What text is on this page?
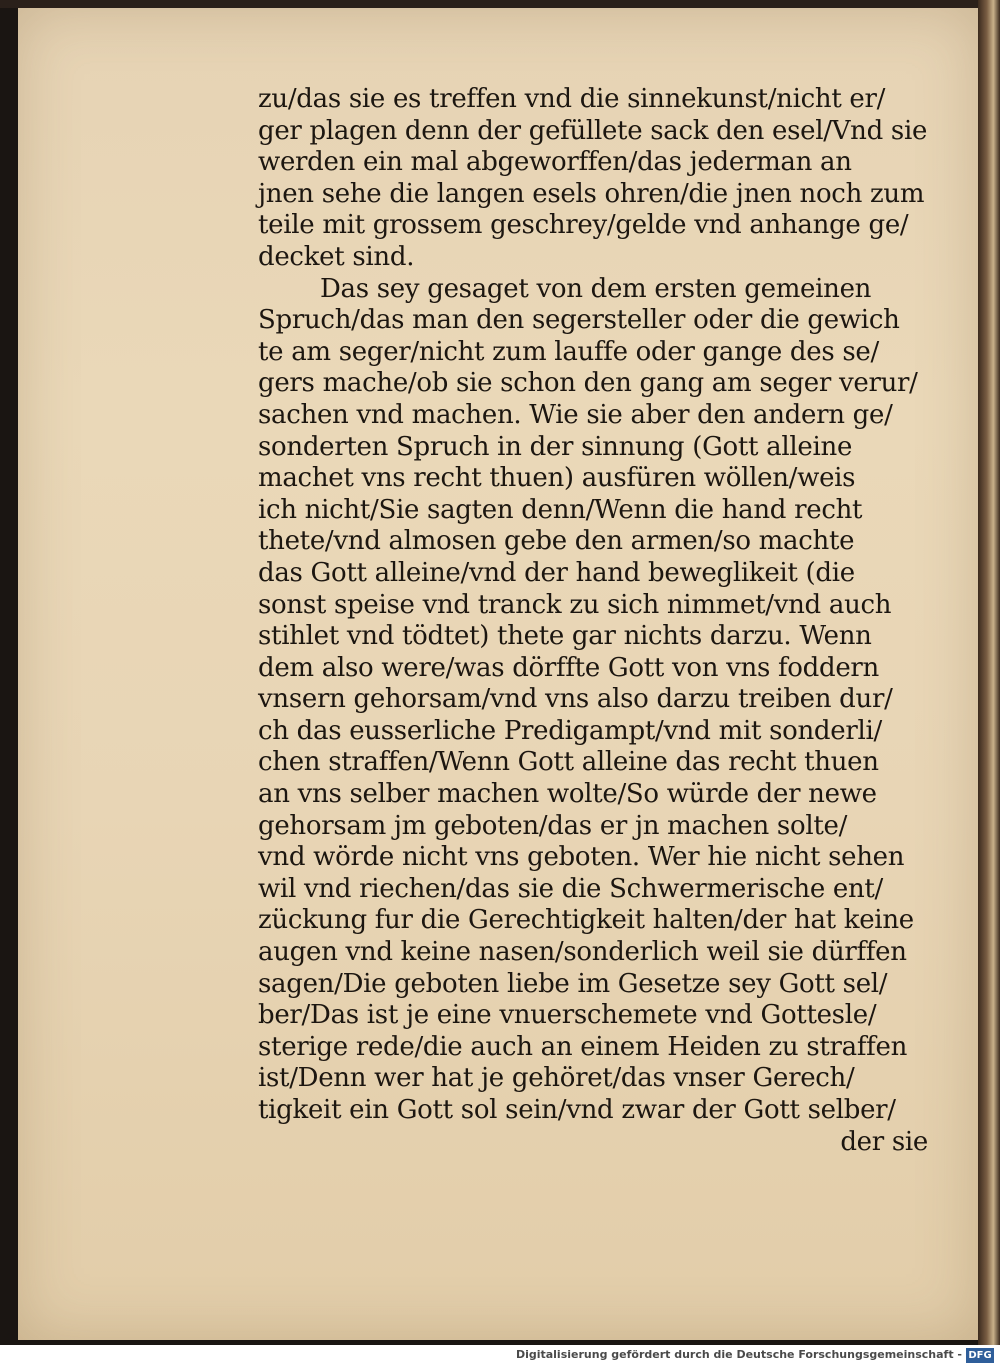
zu/das sie es treffen vnd die sinnekunst/nicht er/
ger plagen denn der gefüllete sack den esel/Vnd sie
werden ein mal abgeworffen/das jederman an
jnen sehe die langen esels ohren/die jnen noch zum
teile mit grossem geschrey/gelde vnd anhange ge/
decket sind.
Das sey gesaget von dem ersten gemeinen
Spruch/das man den segersteller oder die gewich
te am seger/nicht zum lauffe oder gange des se/
gers mache/ob sie schon den gang am seger verur/
sachen vnd machen. Wie sie aber den andern ge/
sonderten Spruch in der sinnung (Gott alleine
machet vns recht thuen) ausfüren wöllen/weis
ich nicht/Sie sagten denn/Wenn die hand recht
thete/vnd almosen gebe den armen/so machte
das Gott alleine/vnd der hand beweglikeit (die
sonst speise vnd tranck zu sich nimmet/vnd auch
stihlet vnd tödtet) thete gar nichts darzu. Wenn
dem also were/was dörffte Gott von vns foddern
vnsern gehorsam/vnd vns also darzu treiben dur/
ch das eusserliche Predigampt/vnd mit sonderli/
chen straffen/Wenn Gott alleine das recht thuen
an vns selber machen wolte/So würde der newe
gehorsam jm geboten/das er jn machen solte/
vnd wörde nicht vns geboten. Wer hie nicht sehen
wil vnd riechen/das sie die Schwermerische ent/
zückung fur die Gerechtigkeit halten/der hat keine
augen vnd keine nasen/sonderlich weil sie dürffen
sagen/Die geboten liebe im Gesetze sey Gott sel/
ber/Das ist je eine vnuerschemete vnd Gottesle/
sterige rede/die auch an einem Heiden zu straffen
ist/Denn wer hat je gehöret/das vnser Gerech/
tigkeit ein Gott sol sein/vnd zwar der Gott selber/
der sie
Digitalisierung gefördert durch die Deutsche Forschungsgemeinschaft - DFG
